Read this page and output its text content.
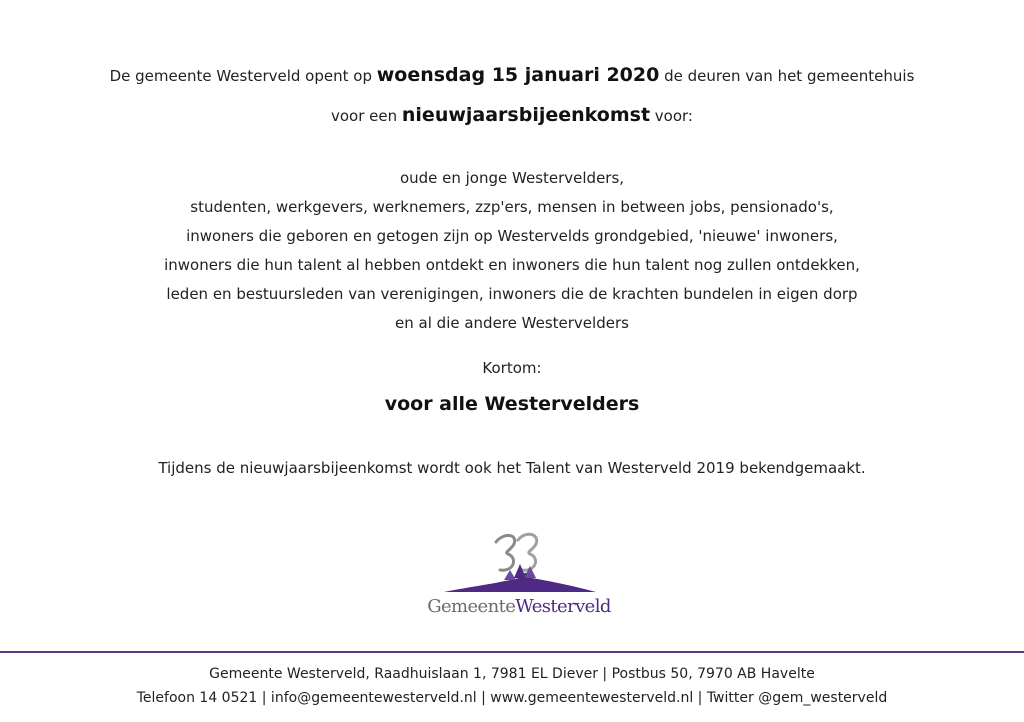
De gemeente Westerveld opent op woensdag 15 januari 2020 de deuren van het gemeentehuis
voor een nieuwjaarsbijeenkomst voor:
oude en jonge Westervelders,
studenten, werkgevers, werknemers, zzp'ers, mensen in between jobs, pensionado's,
inwoners die geboren en getogen zijn op Westervelds grondgebied, 'nieuwe' inwoners,
inwoners die hun talent al hebben ontdekt en inwoners die hun talent nog zullen ontdekken,
leden en bestuursleden van verenigingen, inwoners die de krachten bundelen in eigen dorp
en al die andere Westervelders
Kortom:
voor alle Westervelders
Tijdens de nieuwjaarsbijeenkomst wordt ook het Talent van Westerveld 2019 bekendgemaakt.
GemeenteWesterveld
Gemeente Westerveld, Raadhuislaan 1, 7981 EL Diever | Postbus 50, 7970 AB Havelte
Telefoon 14 0521 | info@gemeentewesterveld.nl | www.gemeentewesterveld.nl | Twitter @gem_westerveld
